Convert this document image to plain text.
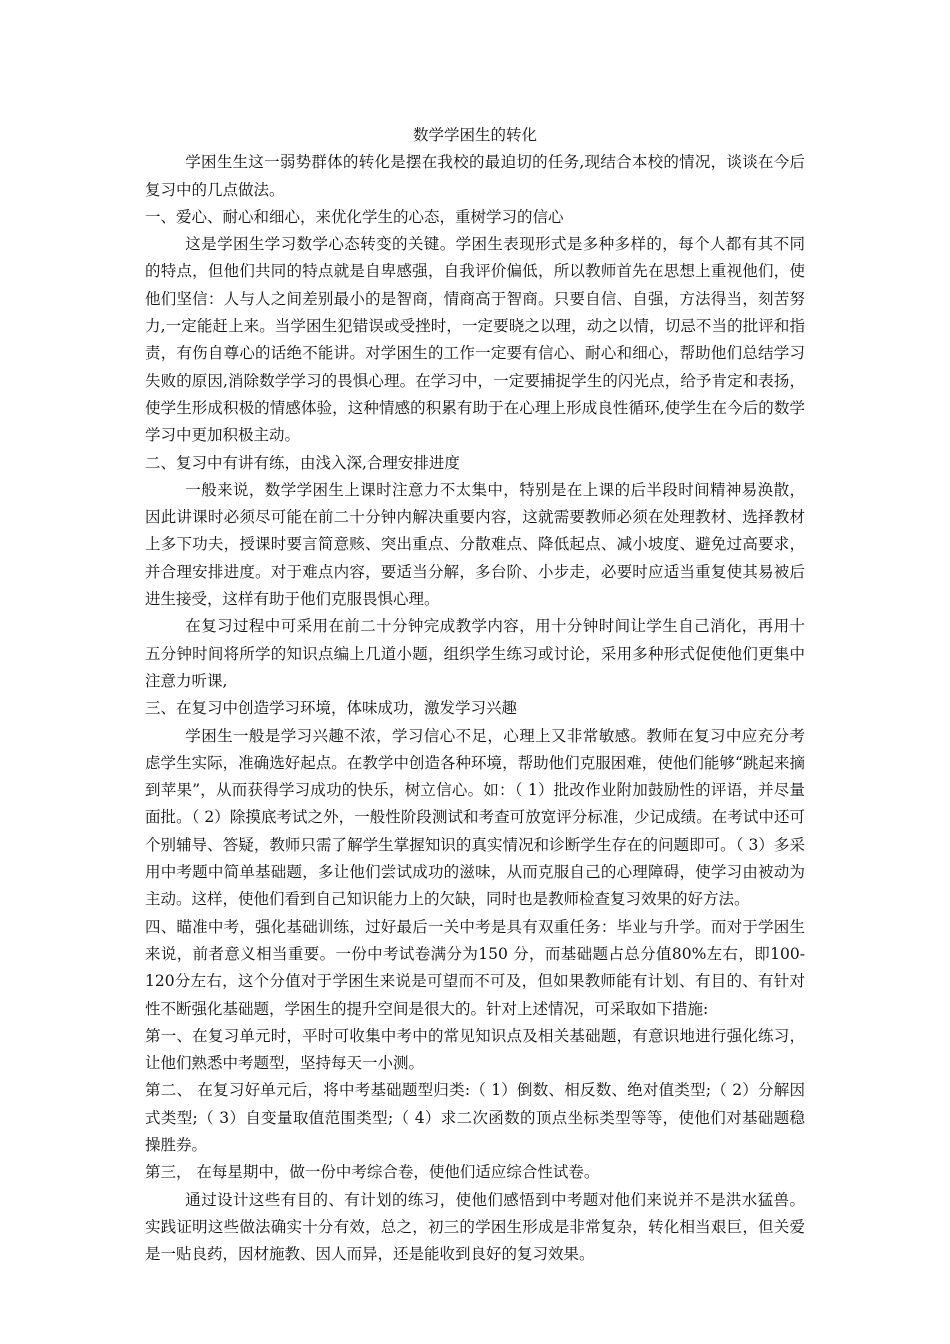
数学学困生的转化

学困生生这一弱势群体的转化是摆在我校的最迫切的任务,现结合本校的情况，谈谈在今后复习中的几点做法。

一、爱心、耐心和细心，来优化学生的心态，重树学习的信心

这是学困生学习数学心态转变的关键。学困生表现形式是多种多样的，每个人都有其不同的特点，但他们共同的特点就是自卑感强，自我评价偏低，所以教师首先在思想上重视他们，使他们坚信：人与人之间差别最小的是智商，情商高于智商。只要自信、自强，方法得当，刻苦努力,一定能赶上来。当学困生犯错误或受挫时，一定要晓之以理，动之以情，切忌不当的批评和指责，有伤自尊心的话绝不能讲。对学困生的工作一定要有信心、耐心和细心，帮助他们总结学习失败的原因,消除数学学习的畏惧心理。在学习中，一定要捕捉学生的闪光点，给予肯定和表扬，使学生形成积极的情感体验，这种情感的积累有助于在心理上形成良性循环,使学生在今后的数学学习中更加积极主动。

二、复习中有讲有练，由浅入深,合理安排进度

一般来说，数学学困生上课时注意力不太集中，特别是在上课的后半段时间精神易涣散，因此讲课时必须尽可能在前二十分钟内解决重要内容，这就需要教师必须在处理教材、选择教材上多下功夫，授课时要言简意赅、突出重点、分散难点、降低起点、减小坡度、避免过高要求，并合理安排进度。对于难点内容，要适当分解，多台阶、小步走，必要时应适当重复使其易被后进生接受，这样有助于他们克服畏惧心理。

在复习过程中可采用在前二十分钟完成教学内容，用十分钟时间让学生自己消化，再用十五分钟时间将所学的知识点编上几道小题，组织学生练习或讨论，采用多种形式促使他们更集中注意力听课,

三、在复习中创造学习环境，体味成功，激发学习兴趣

学困生一般是学习兴趣不浓，学习信心不足，心理上又非常敏感。教师在复习中应充分考虑学生实际，准确选好起点。在教学中创造各种环境，帮助他们克服困难，使他们能够“跳起来摘到苹果”，从而获得学习成功的快乐，树立信心。如：（ 1）批改作业附加鼓励性的评语，并尽量面批。（ 2）除摸底考试之外，一般性阶段测试和考查可放宽评分标准，少记成绩。在考试中还可个别辅导、答疑，教师只需了解学生掌握知识的真实情况和诊断学生存在的问题即可。（ 3）多采用中考题中简单基础题，多让他们尝试成功的滋味，从而克服自己的心理障碍，使学习由被动为主动。这样，使他们看到自己知识能力上的欠缺，同时也是教师检查复习效果的好方法。

四、瞄准中考，强化基础训练，过好最后一关中考是具有双重任务：毕业与升学。而对于学困生来说，前者意义相当重要。一份中考试卷满分为150 分，而基础题占总分值80%左右，即100-120分左右，这个分值对于学困生来说是可望而不可及，但如果教师能有计划、有目的、有针对性不断强化基础题，学困生的提升空间是很大的。针对上述情况，可采取如下措施:

第一、在复习单元时，平时可收集中考中的常见知识点及相关基础题，有意识地进行强化练习，让他们熟悉中考题型，坚持每天一小测。

第二、 在复习好单元后，将中考基础题型归类:（ 1）倒数、相反数、绝对值类型;（ 2）分解因式类型;（ 3）自变量取值范围类型;（ 4）求二次函数的顶点坐标类型等等，使他们对基础题稳操胜券。

第三， 在每星期中，做一份中考综合卷，使他们适应综合性试卷。

通过设计这些有目的、有计划的练习，使他们感悟到中考题对他们来说并不是洪水猛兽。实践证明这些做法确实十分有效，总之，初三的学困生形成是非常复杂，转化相当艰巨，但关爱是一贴良药，因材施教、因人而异，还是能收到良好的复习效果。
